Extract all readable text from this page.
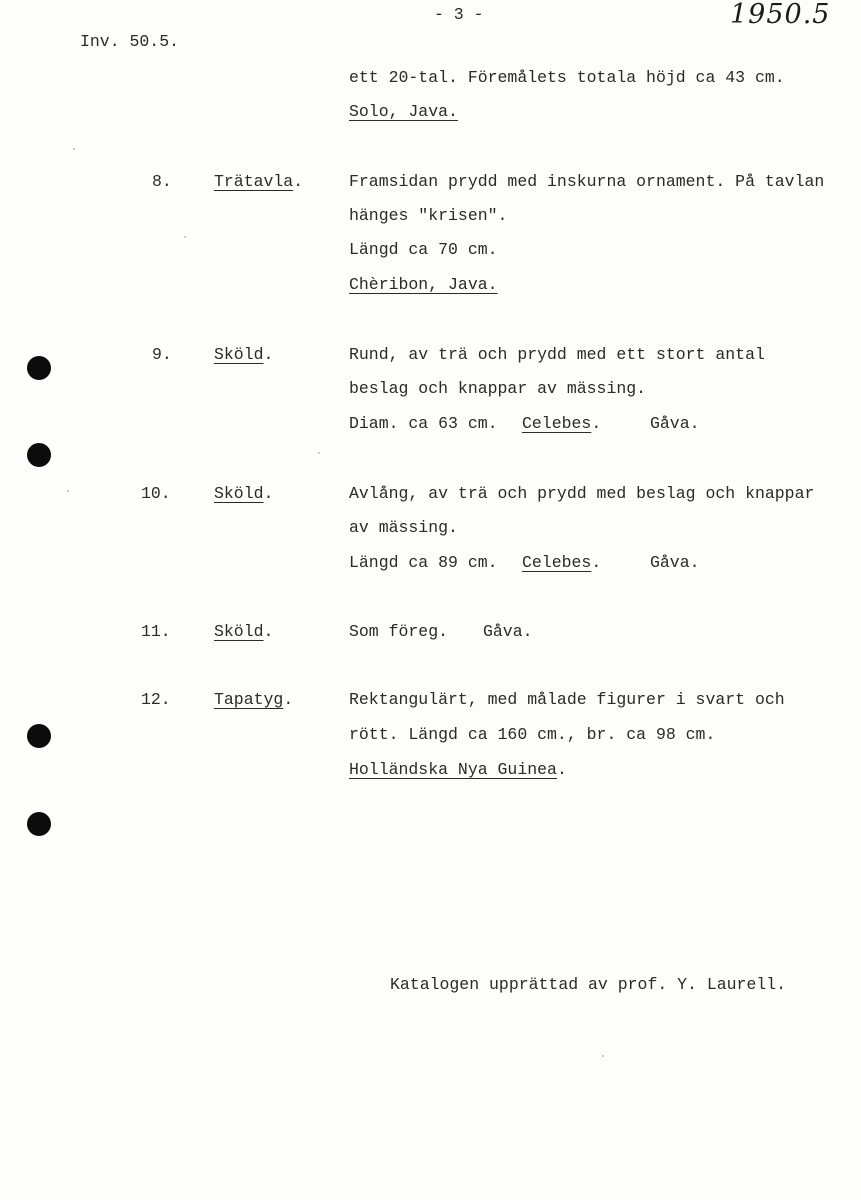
Inv. 50.5.
- 3 -	1950.5
ett 20-tal. Föremålets totala höjd ca 43 cm.
Solo, Java.
8.	Trätavla.	Framsidan prydd med inskurna ornament. På tavlan
hänges "krisen".
Längd ca 70 cm.
Chèribon, Java.
9.	Sköld.	Rund, av trä och prydd med ett stort antal
beslag och knappar av mässing.
Diam. ca 63 cm. Celebes.	Gåva.
10.	Sköld.	Avlång, av trä och prydd med beslag och knappar
av mässing.
Längd ca 89 cm. Celebes.	Gåva.
11.	Sköld.	Som föreg. Gåva.
12.	Tapatyg.	Rektangulärt, med målade figurer i svart och
rött. Längd ca 160 cm., br. ca 98 cm.
Holländska Nya Guinea.
Katalogen upprättad av prof. Y. Laurell.
